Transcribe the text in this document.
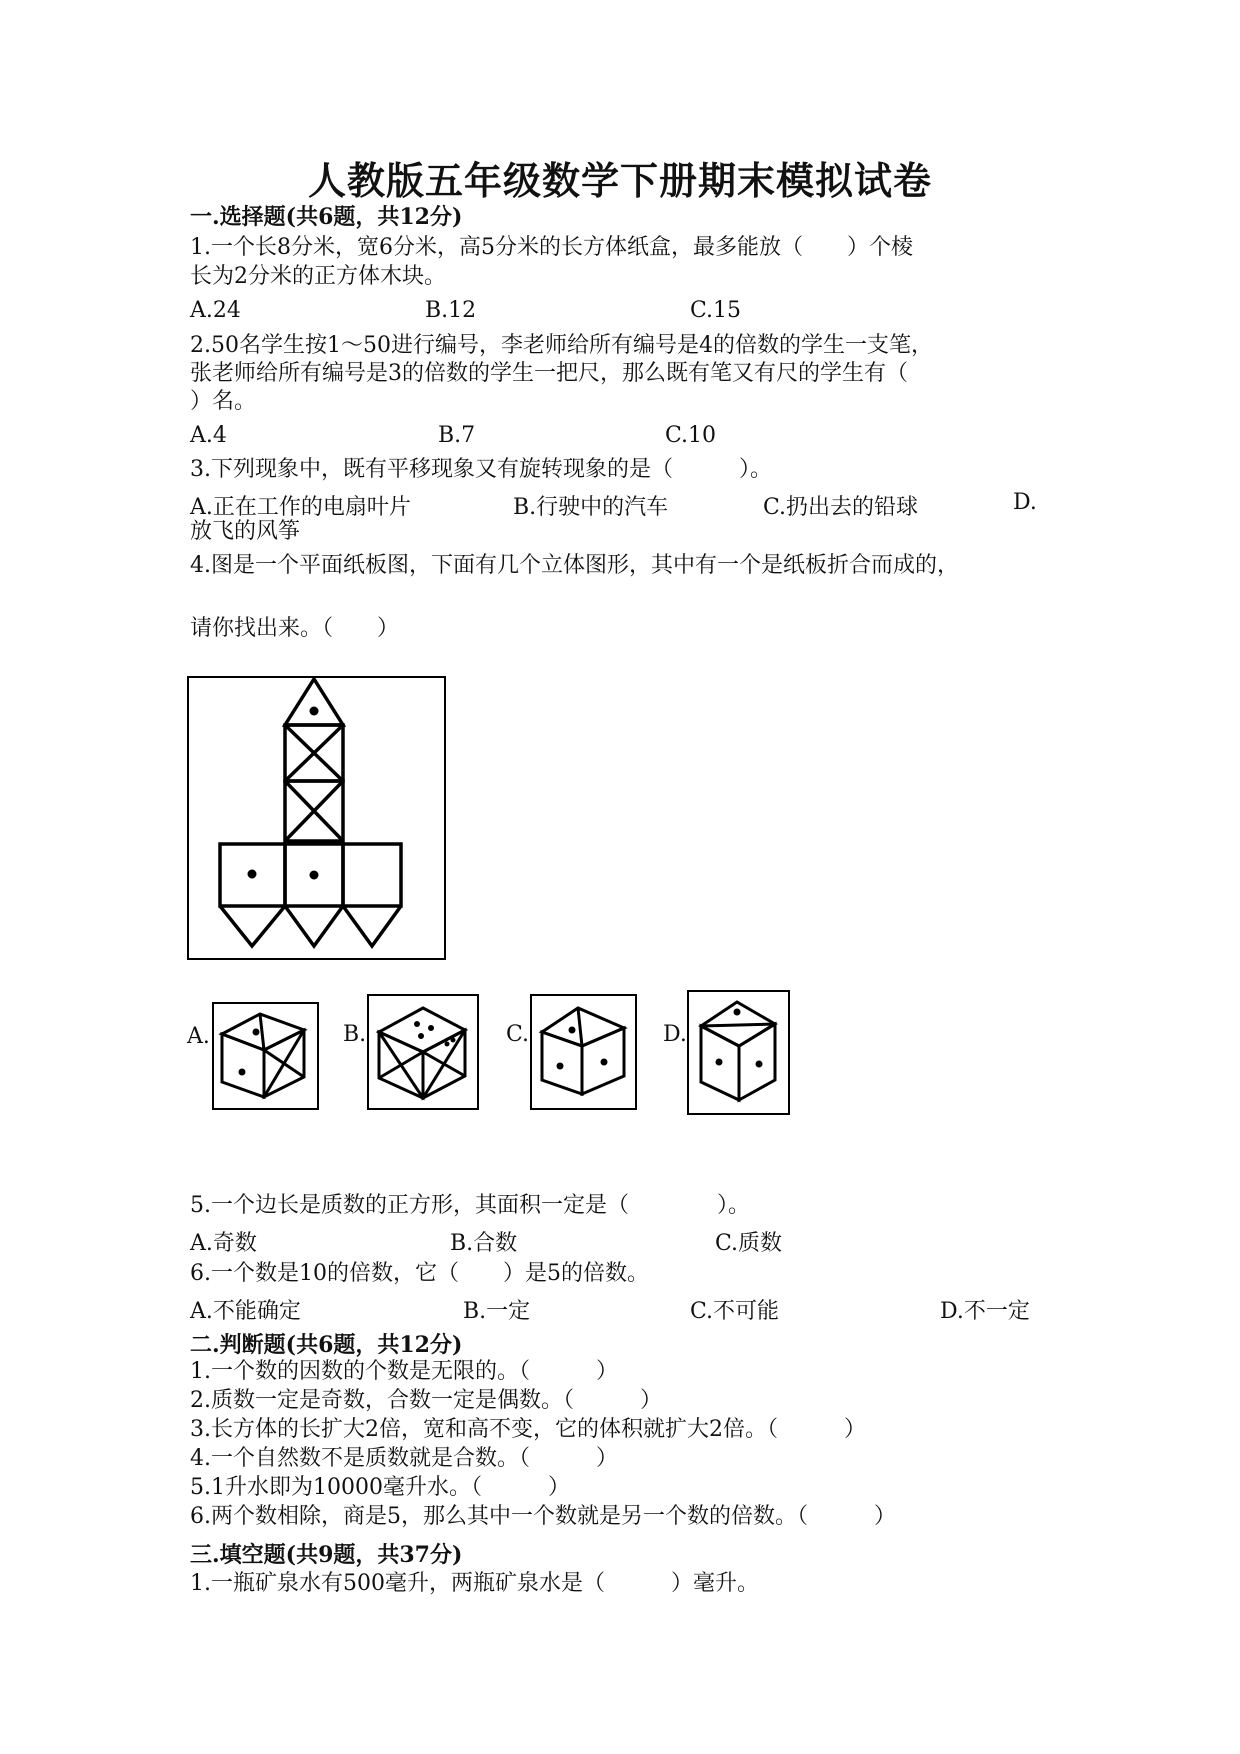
人教版五年级数学下册期末模拟试卷
一.选择题(共6题，共12分)
1.一个长8分米，宽6分米，高5分米的长方体纸盒，最多能放（　　）个棱
长为2分米的正方体木块。
A.24	B.12	C.15
2.50名学生按1～50进行编号，李老师给所有编号是4的倍数的学生一支笔，
张老师给所有编号是3的倍数的学生一把尺，那么既有笔又有尺的学生有（
）名。
A.4	B.7	C.10
3.下列现象中，既有平移现象又有旋转现象的是（　　　）。
A.正在工作的电扇叶片	B.行驶中的汽车	C.扔出去的铅球	D.
放飞的风筝
4.图是一个平面纸板图，下面有几个立体图形，其中有一个是纸板折合而成的，
请你找出来。（　　）
A.	B.	C.	D.
5.一个边长是质数的正方形，其面积一定是（　　　　）。
A.奇数	B.合数	C.质数
6.一个数是10的倍数，它（　　）是5的倍数。
A.不能确定	B.一定	C.不可能	D.不一定
二.判断题(共6题，共12分)
1.一个数的因数的个数是无限的。（　　　）
2.质数一定是奇数，合数一定是偶数。（　　　）
3.长方体的长扩大2倍，宽和高不变，它的体积就扩大2倍。（　　　）
4.一个自然数不是质数就是合数。（　　　）
5.1升水即为10000毫升水。（　　　）
6.两个数相除，商是5，那么其中一个数就是另一个数的倍数。（　　　）
三.填空题(共9题，共37分)
1.一瓶矿泉水有500毫升，两瓶矿泉水是（　　　）毫升。
